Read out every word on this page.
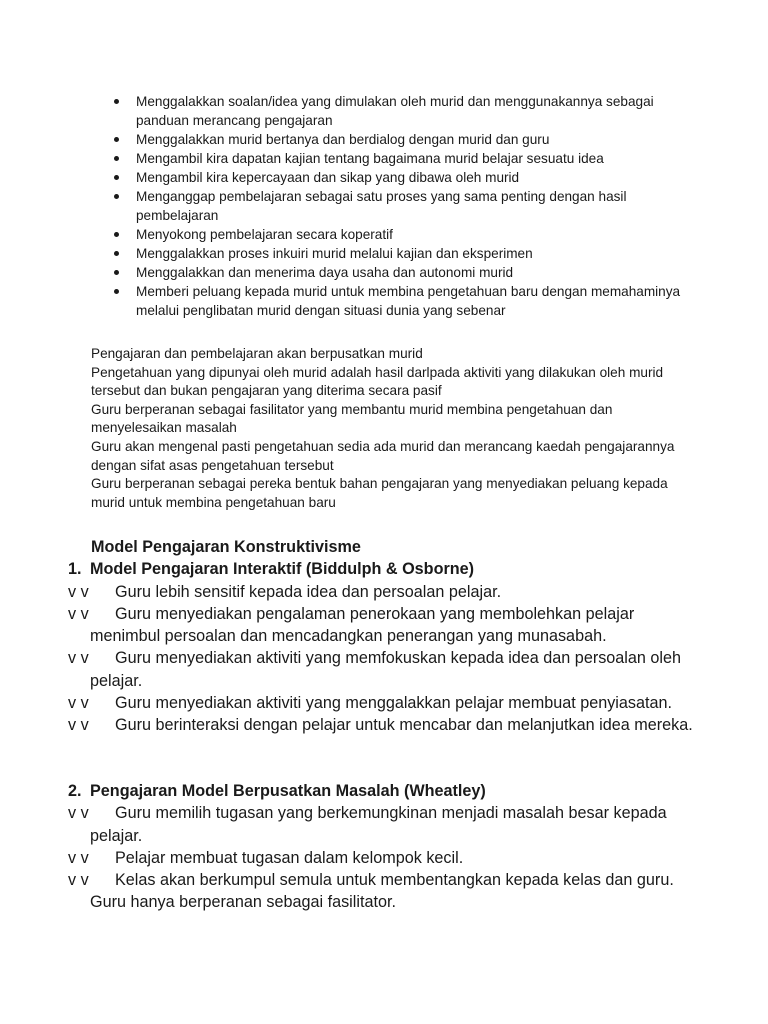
Menggalakkan soalan/idea yang dimulakan oleh murid dan menggunakannya sebagai panduan merancang pengajaran
Menggalakkan murid bertanya dan berdialog dengan murid dan guru
Mengambil kira dapatan kajian tentang bagaimana murid belajar sesuatu idea
Mengambil kira kepercayaan dan sikap yang dibawa oleh murid
Menganggap pembelajaran sebagai satu proses yang sama penting dengan hasil pembelajaran
Menyokong pembelajaran secara koperatif
Menggalakkan proses inkuiri murid melalui kajian dan eksperimen
Menggalakkan dan menerima daya usaha dan autonomi murid
Memberi peluang kepada murid untuk membina pengetahuan baru dengan memahaminya melalui penglibatan murid dengan situasi dunia yang sebenar

Pengajaran dan pembelajaran akan berpusatkan murid

Pengetahuan yang dipunyai oleh murid adalah hasil darlpada aktiviti yang dilakukan oleh murid tersebut dan bukan pengajaran yang diterima secara pasif

Guru berperanan sebagai fasilitator yang membantu murid membina pengetahuan dan menyelesaikan masalah

Guru akan mengenal pasti pengetahuan sedia ada murid dan merancang kaedah pengajarannya dengan sifat asas pengetahuan tersebut

Guru berperanan sebagai pereka bentuk bahan pengajaran yang menyediakan peluang kepada murid untuk membina pengetahuan baru

Model Pengajaran Konstruktivisme

1. Model Pengajaran Interaktif (Biddulph & Osborne)

v v	Guru lebih sensitif kepada idea dan persoalan pelajar.
v v	Guru menyediakan pengalaman penerokaan yang membolehkan pelajar menimbul persoalan dan mencadangkan penerangan yang munasabah.
v v	Guru menyediakan aktiviti yang memfokuskan kepada idea dan persoalan oleh pelajar.
v v	Guru menyediakan aktiviti yang menggalakkan pelajar membuat penyiasatan.
v v	Guru berinteraksi dengan pelajar untuk mencabar dan melanjutkan idea mereka.

2. Pengajaran Model Berpusatkan Masalah (Wheatley)

v v	Guru memilih tugasan yang berkemungkinan menjadi masalah besar kepada pelajar.
v v	Pelajar membuat tugasan dalam kelompok kecil.
v v	Kelas akan berkumpul semula untuk membentangkan kepada kelas dan guru. Guru hanya berperanan sebagai fasilitator.
